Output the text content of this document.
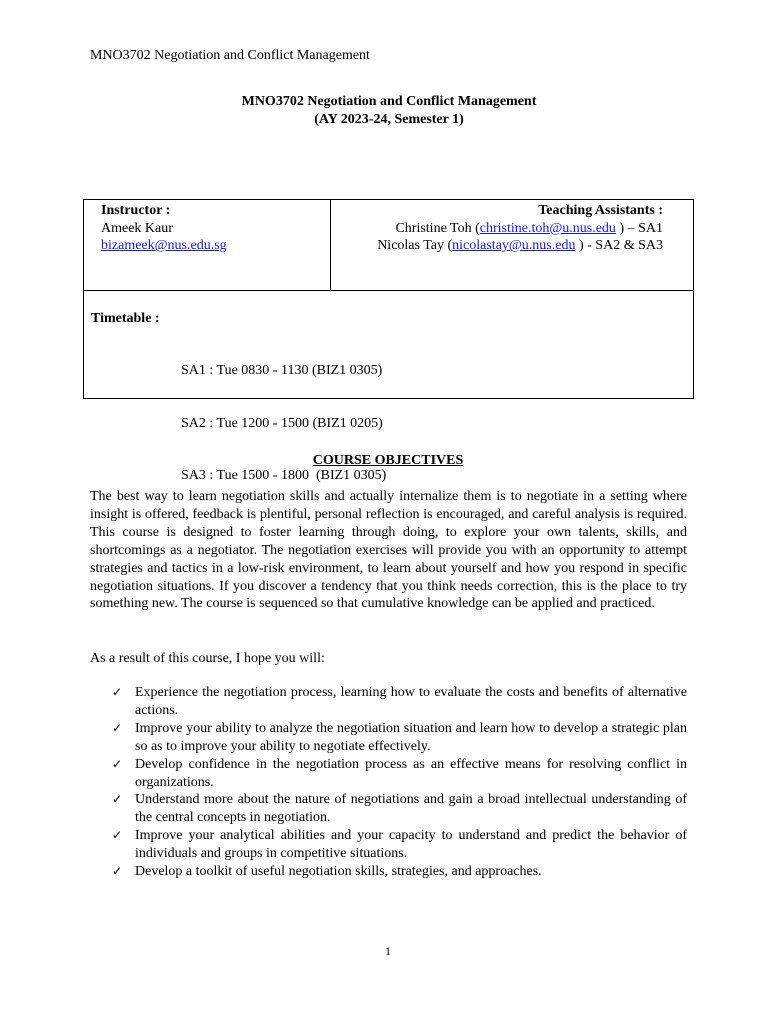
MNO3702 Negotiation and Conflict Management
MNO3702 Negotiation and Conflict Management
(AY 2023-24, Semester 1)
Instructor :
Ameek Kaur
bizameek@nus.edu.sg
Teaching Assistants :
Christine Toh (christine.toh@u.nus.edu ) – SA1
Nicolas Tay (nicolastay@u.nus.edu ) - SA2 & SA3
Timetable :

SA1 : Tue 0830 - 1130 (BIZ1 0305)

SA2 : Tue 1200 - 1500 (BIZ1 0205)

SA3 : Tue 1500 - 1800  (BIZ1 0305)

COURSE OBJECTIVES
The best way to learn negotiation skills and actually internalize them is to negotiate in a setting where insight is offered, feedback is plentiful, personal reflection is encouraged, and careful analysis is required. This course is designed to foster learning through doing, to explore your own talents, skills, and shortcomings as a negotiator. The negotiation exercises will provide you with an opportunity to attempt strategies and tactics in a low-risk environment, to learn about yourself and how you respond in specific negotiation situations. If you discover a tendency that you think needs correction, this is the place to try something new. The course is sequenced so that cumulative knowledge can be applied and practiced.
As a result of this course, I hope you will:
✓ Experience the negotiation process, learning how to evaluate the costs and benefits of alternative actions.
✓ Improve your ability to analyze the negotiation situation and learn how to develop a strategic plan so as to improve your ability to negotiate effectively.
✓ Develop confidence in the negotiation process as an effective means for resolving conflict in organizations.
✓ Understand more about the nature of negotiations and gain a broad intellectual understanding of the central concepts in negotiation.
✓ Improve your analytical abilities and your capacity to understand and predict the behavior of individuals and groups in competitive situations.
✓ Develop a toolkit of useful negotiation skills, strategies, and approaches.
1
